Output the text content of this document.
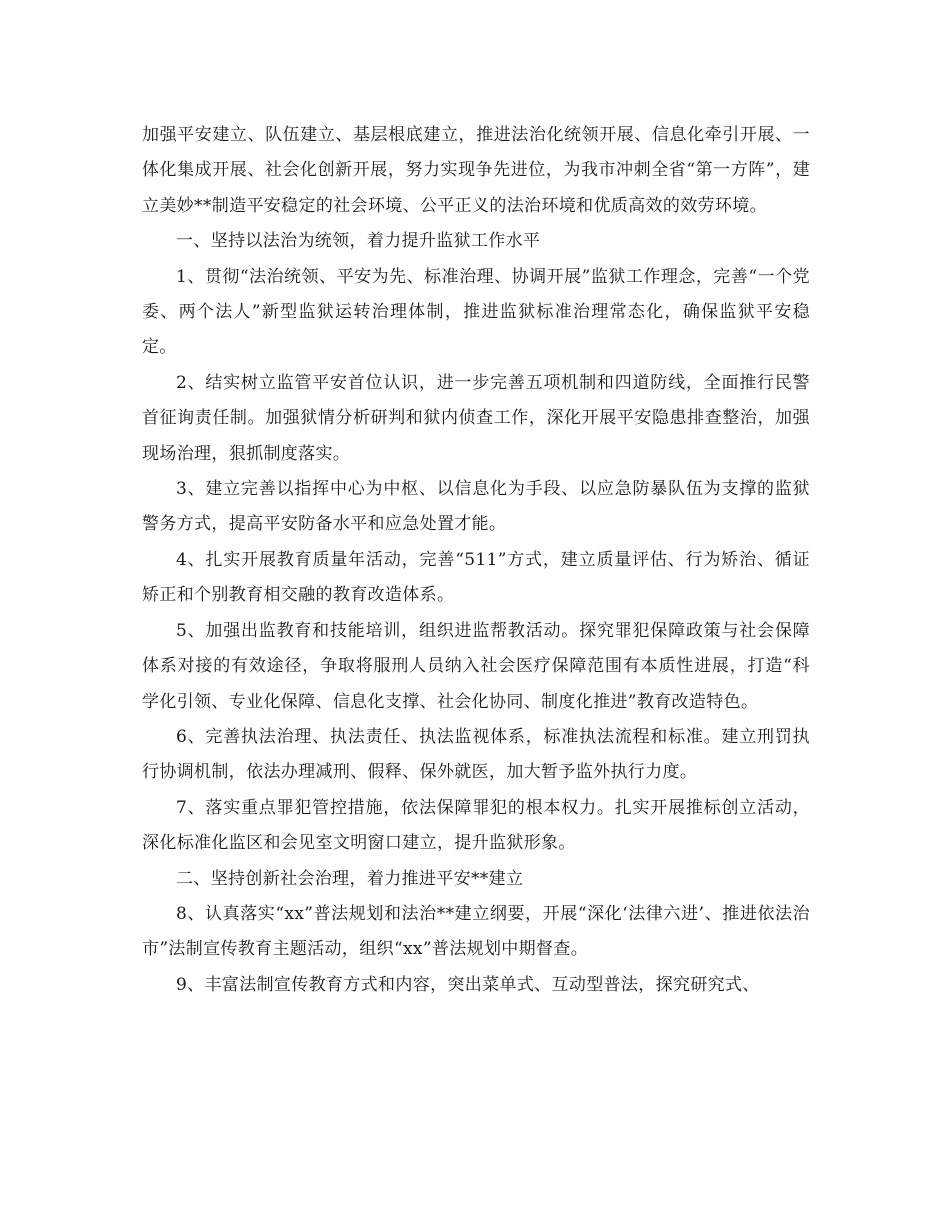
加强平安建立、队伍建立、基层根底建立，推进法治化统领开展、信息化牵引开展、一体化集成开展、社会化创新开展，努力实现争先进位，为我市冲刺全省“第一方阵”，建立美妙**制造平安稳定的社会环境、公平正义的法治环境和优质高效的效劳环境。

一、坚持以法治为统领，着力提升监狱工作水平

1、贯彻“法治统领、平安为先、标准治理、协调开展”监狱工作理念，完善“一个党委、两个法人”新型监狱运转治理体制，推进监狱标准治理常态化，确保监狱平安稳定。

2、结实树立监管平安首位认识，进一步完善五项机制和四道防线，全面推行民警首征询责任制。加强狱情分析研判和狱内侦查工作，深化开展平安隐患排查整治，加强现场治理，狠抓制度落实。

3、建立完善以指挥中心为中枢、以信息化为手段、以应急防暴队伍为支撑的监狱警务方式，提高平安防备水平和应急处置才能。

4、扎实开展教育质量年活动，完善“511”方式，建立质量评估、行为矫治、循证矫正和个别教育相交融的教育改造体系。

5、加强出监教育和技能培训，组织进监帮教活动。探究罪犯保障政策与社会保障体系对接的有效途径，争取将服刑人员纳入社会医疗保障范围有本质性进展，打造“科学化引领、专业化保障、信息化支撑、社会化协同、制度化推进”教育改造特色。

6、完善执法治理、执法责任、执法监视体系，标准执法流程和标准。建立刑罚执行协调机制，依法办理减刑、假释、保外就医，加大暂予监外执行力度。

7、落实重点罪犯管控措施，依法保障罪犯的根本权力。扎实开展推标创立活动，深化标准化监区和会见室文明窗口建立，提升监狱形象。

二、坚持创新社会治理，着力推进平安**建立

8、认真落实“xx”普法规划和法治**建立纲要，开展“深化‘法律六进’、推进依法治市”法制宣传教育主题活动，组织“xx”普法规划中期督查。

9、丰富法制宣传教育方式和内容，突出菜单式、互动型普法，探究研究式、
